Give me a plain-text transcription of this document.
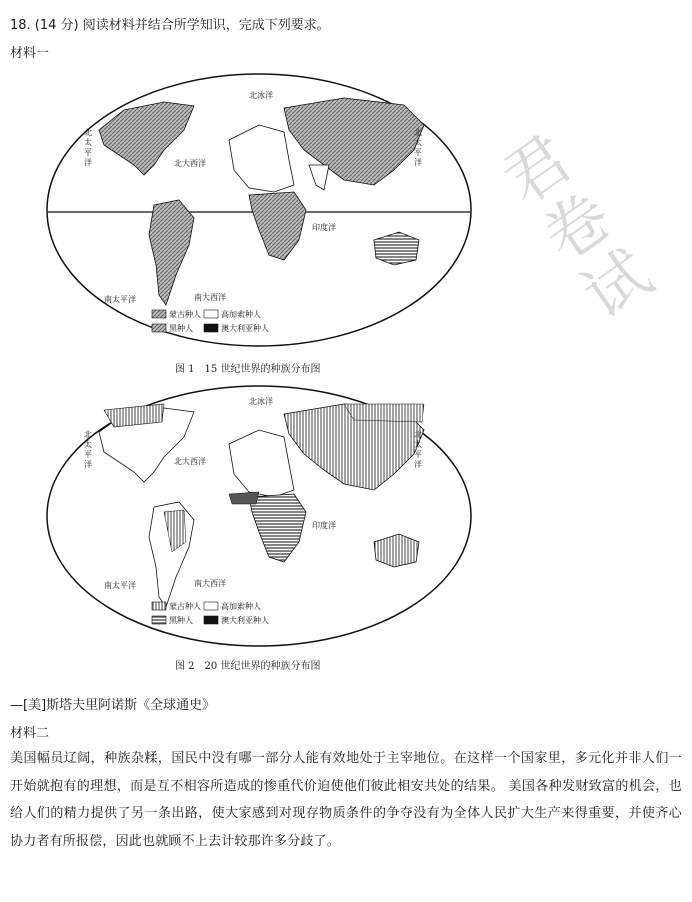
试
卷
君
18. (14 分) 阅读材料并结合所学知识，完成下列要求。
材料一
北冰洋
北大西洋
印度洋
南太平洋	南大西洋
北
太
平
洋
北
太
平
洋
蒙古种人	高加索种人
黑种人	澳大利亚种人
图 1　15 世纪世界的种族分布图
北冰洋
北大西洋
印度洋
南太平洋	南大西洋
北
太
平
洋
北
太
平
洋
蒙古种人	高加索种人
黑种人	澳大利亚种人
图 2　20 世纪世界的种族分布图
—[美]斯塔夫里阿诺斯《全球通史》
材料二
美国幅员辽阔，种族杂糅，国民中没有哪一部分人能有效地处于主宰地位。在这样一个国家里，多元化并非人们一开始就抱有的理想，而是互不相容所造成的惨重代价迫使他们彼此相安共处的结果。 美国各种发财致富的机会，也给人们的精力提供了另一条出路，使大家感到对现存物质条件的争夺没有为全体人民扩大生产来得重要，并使齐心协力者有所报偿，因此也就顾不上去计较那许多分歧了。
